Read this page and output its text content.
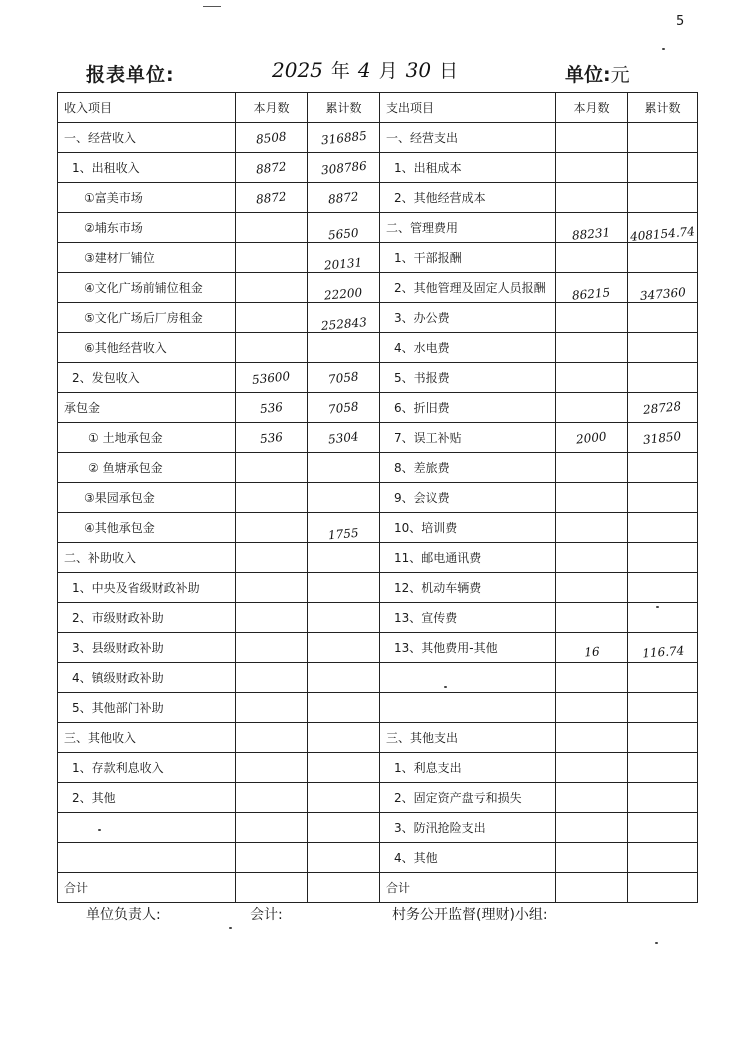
5
报表单位:	2025 年 4 月 30 日	单位:元
收入项目	本月数	累计数	支出项目	本月数	累计数
一、经营收入	8508	316885	一、经营支出		
1、出租收入	8872	308786	1、出租成本		
①富美市场	8872	8872	2、其他经营成本		
②埔东市场		5650	二、管理费用	88231	408154.74
③建材厂铺位		20131	1、干部报酬		
④文化广场前铺位租金		22200	2、其他管理及固定人员报酬	86215	347360
⑤文化广场后厂房租金		252843	3、办公费		
⑥其他经营收入			4、水电费		
2、发包收入	53600	7058	5、书报费		
承包金	536	7058	6、折旧费		28728
① 土地承包金	536	5304	7、误工补贴	2000	31850
② 鱼塘承包金			8、差旅费		
③果园承包金			9、会议费		
④其他承包金		1755	10、培训费		
二、补助收入			11、邮电通讯费		
1、中央及省级财政补助			12、机动车辆费		
2、市级财政补助			13、宣传费		
3、县级财政补助			13、其他费用-其他	16	116.74
4、镇级财政补助					
5、其他部门补助					
三、其他收入			三、其他支出		
1、存款利息收入			1、利息支出		
2、其他			2、固定资产盘亏和损失		
			3、防汛抢险支出		
			4、其他		
合计			合计		
单位负责人:	会计:	村务公开监督(理财)小组:
